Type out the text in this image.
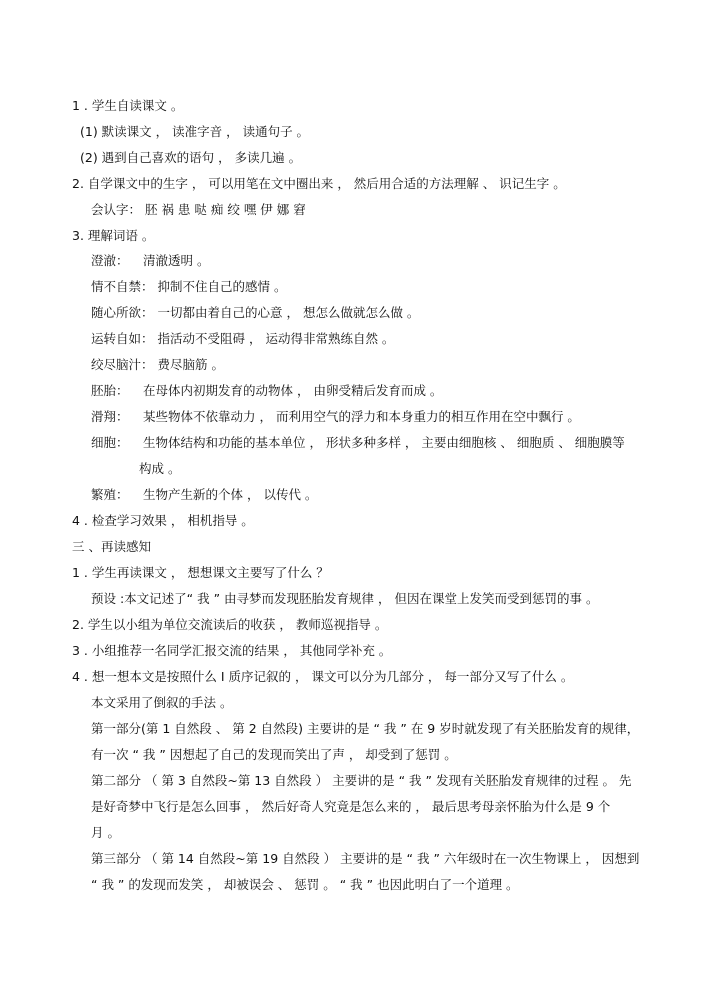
1 . 学生自读课文 。
(1) 默读课文 ， 读准字音 ， 读通句子 。
(2) 遇到自己喜欢的语句 ， 多读几遍 。
2. 自学课文中的生字 ， 可以用笔在文中圈出来 ， 然后用合适的方法理解 、 识记生字 。
会认字： 胚 祸 患 哒 痴 绞 嘿 伊 娜 窘
3. 理解词语 。
澄澈： 清澈透明 。
情不自禁： 抑制不住自己的感情 。
随心所欲： 一切都由着自己的心意 ， 想怎么做就怎么做 。
运转自如： 指活动不受阻碍 ， 运动得非常熟练自然 。
绞尽脑汁： 费尽脑筋 。
胚胎： 在母体内初期发育的动物体 ， 由卵受精后发育而成 。
滑翔： 某些物体不依靠动力 ， 而利用空气的浮力和本身重力的相互作用在空中飘行 。
细胞： 生物体结构和功能的基本单位 ， 形状多种多样 ， 主要由细胞核 、 细胞质 、 细胞膜等
构成 。
繁殖： 生物产生新的个体 ， 以传代 。
4 . 检查学习效果 ， 相机指导 。
三 、再读感知
1 . 学生再读课文 ， 想想课文主要写了什么 ？
预设 :本文记述了“ 我 ” 由寻梦而发现胚胎发育规律 ， 但因在课堂上发笑而受到惩罚的事 。
2. 学生以小组为单位交流读后的收获 ， 教师巡视指导 。
3 . 小组推荐一名同学汇报交流的结果 ， 其他同学补充 。
4 . 想一想本文是按照什么 I 质序记叙的 ， 课文可以分为几部分 ， 每一部分又写了什么 。
本文采用了倒叙的手法 。
第一部分(第 1 自然段 、 第 2 自然段) 主要讲的是 “ 我 ” 在 9 岁时就发现了有关胚胎发育的规律，
有一次 “ 我 ” 因想起了自己的发现而笑出了声 ， 却受到了惩罚 。
第二部分 （ 第 3 自然段~第 13 自然段 ） 主要讲的是 “ 我 ” 发现有关胚胎发育规律的过程 。 先
是好奇梦中飞行是怎么回事 ， 然后好奇人究竟是怎么来的 ， 最后思考母亲怀胎为什么是 9 个
月 。
第三部分 （ 第 14 自然段~第 19 自然段 ） 主要讲的是 “ 我 ” 六年级时在一次生物课上 ， 因想到
“ 我 ” 的发现而发笑 ， 却被误会 、 惩罚 。 “ 我 ” 也因此明白了一个道理 。
